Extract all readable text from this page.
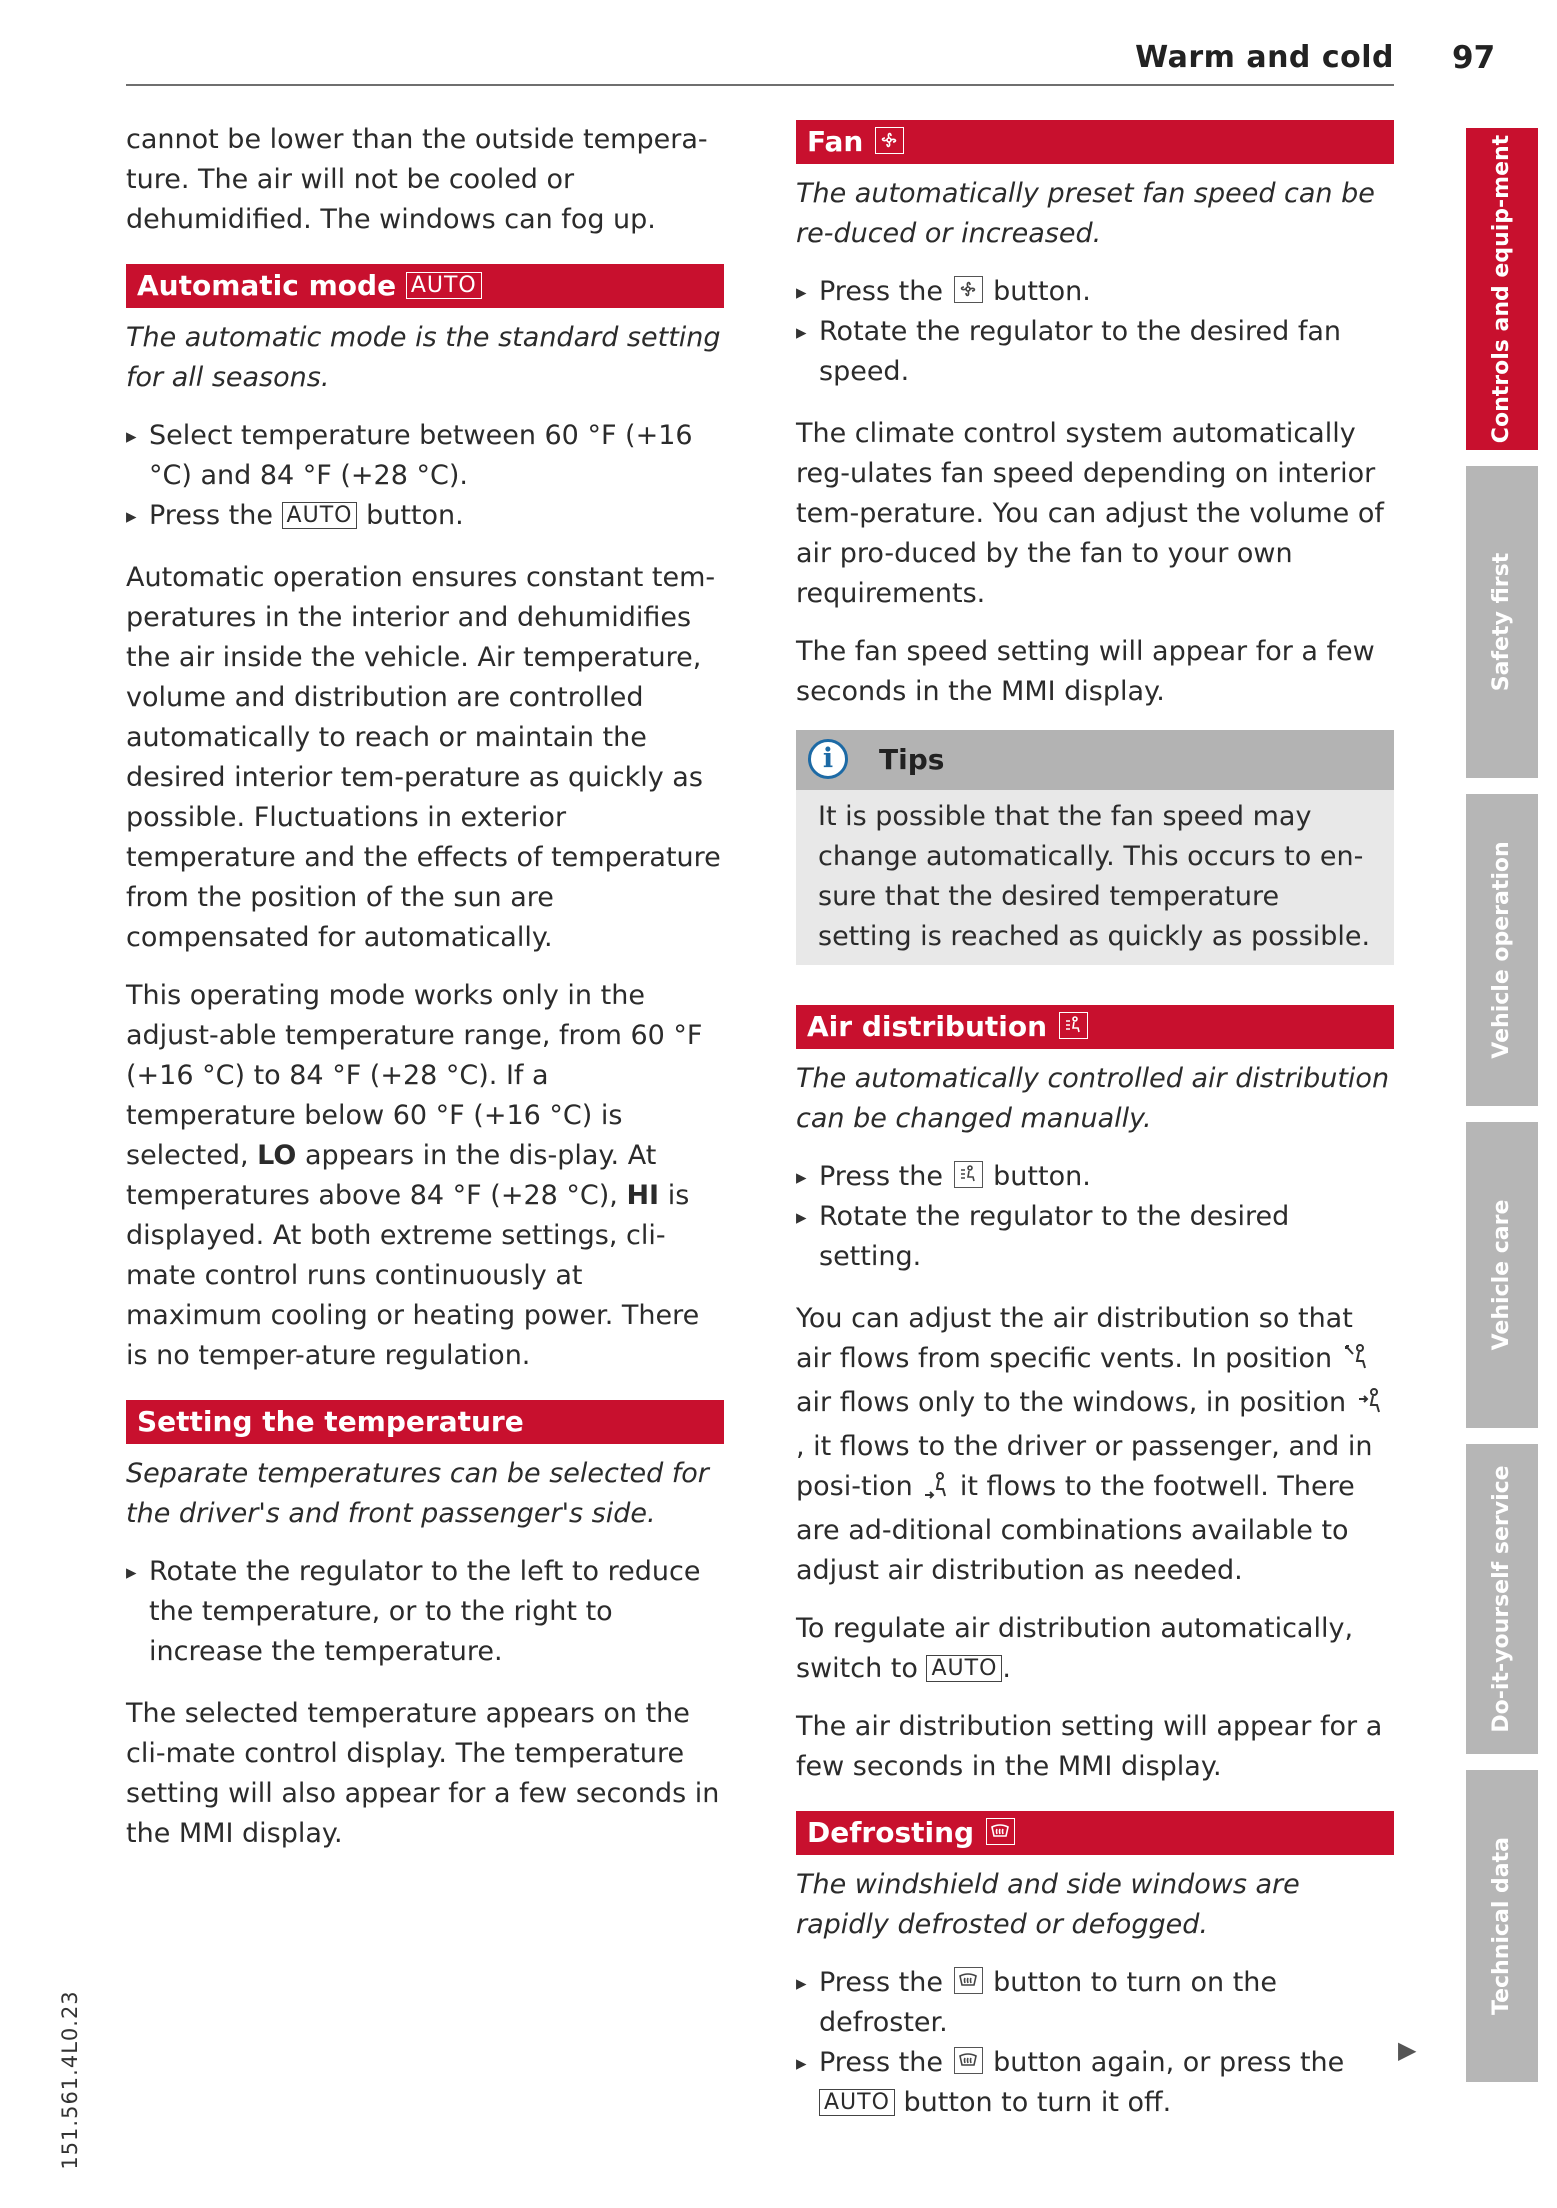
Warm and cold 97

cannot be lower than the outside tempera-ture. The air will not be cooled or dehumidified. The windows can fog up.

Automatic mode AUTO

The automatic mode is the standard setting for all seasons.

▸ Select temperature between 60 °F (+16 °C) and 84 °F (+28 °C).
▸ Press the AUTO button.

Automatic operation ensures constant tem-peratures in the interior and dehumidifies the air inside the vehicle. Air temperature, volume and distribution are controlled automatically to reach or maintain the desired interior tem-perature as quickly as possible. Fluctuations in exterior temperature and the effects of temperature from the position of the sun are compensated for automatically.

This operating mode works only in the adjust-able temperature range, from 60 °F (+16 °C) to 84 °F (+28 °C). If a temperature below 60 °F (+16 °C) is selected, LO appears in the dis-play. At temperatures above 84 °F (+28 °C), HI is displayed. At both extreme settings, cli-mate control runs continuously at maximum cooling or heating power. There is no temper-ature regulation.

Setting the temperature

Separate temperatures can be selected for the driver's and front passenger's side.

▸ Rotate the regulator to the left to reduce the temperature, or to the right to increase the temperature.

The selected temperature appears on the cli-mate control display. The temperature setting will also appear for a few seconds in the MMI display.

Fan

The automatically preset fan speed can be re-duced or increased.

▸ Press the button.
▸ Rotate the regulator to the desired fan speed.

The climate control system automatically reg-ulates fan speed depending on interior tem-perature. You can adjust the volume of air pro-duced by the fan to your own requirements.

The fan speed setting will appear for a few seconds in the MMI display.

i	Tips
It is possible that the fan speed may change automatically. This occurs to en-sure that the desired temperature setting is reached as quickly as possible.
Air distribution

The automatically controlled air distribution can be changed manually.

▸ Press the button.
▸ Rotate the regulator to the desired setting.

You can adjust the air distribution so that air flows from specific vents. In position  air flows only to the windows, in position  , it flows to the driver or passenger, and in posi-tion it flows to the footwell. There are ad-ditional combinations available to adjust air distribution as needed.

To regulate air distribution automatically, switch to AUTO .

The air distribution setting will appear for a few seconds in the MMI display.

Defrosting

The windshield and side windows are rapidly defrosted or defogged.

▸ Press the button to turn on the defroster.
▸ Press the button again, or press the AUTO button to turn it off.
Controls and equip-ment
Safety first
Vehicle operation
Vehicle care
Do-it-yourself service
Technical data
151.561.4L0.23	▶
